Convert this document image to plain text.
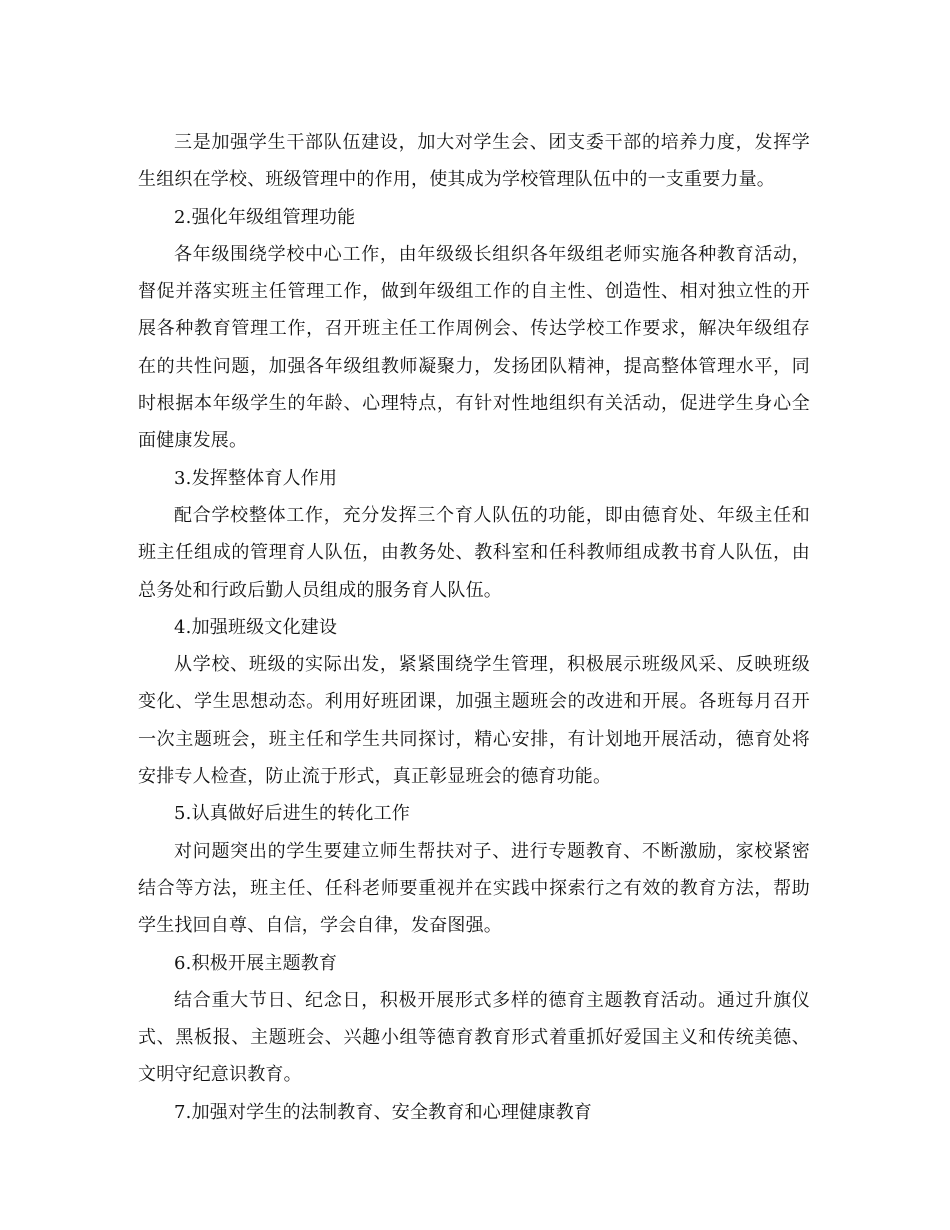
三是加强学生干部队伍建设，加大对学生会、团支委干部的培养力度，发挥学生组织在学校、班级管理中的作用，使其成为学校管理队伍中的一支重要力量。

2.强化年级组管理功能

各年级围绕学校中心工作，由年级级长组织各年级组老师实施各种教育活动，督促并落实班主任管理工作，做到年级组工作的自主性、创造性、相对独立性的开展各种教育管理工作，召开班主任工作周例会、传达学校工作要求，解决年级组存在的共性问题，加强各年级组教师凝聚力，发扬团队精神，提高整体管理水平，同时根据本年级学生的年龄、心理特点，有针对性地组织有关活动，促进学生身心全面健康发展。

3.发挥整体育人作用

配合学校整体工作，充分发挥三个育人队伍的功能，即由德育处、年级主任和班主任组成的管理育人队伍，由教务处、教科室和任科教师组成教书育人队伍，由总务处和行政后勤人员组成的服务育人队伍。

4.加强班级文化建设

从学校、班级的实际出发，紧紧围绕学生管理，积极展示班级风采、反映班级变化、学生思想动态。利用好班团课，加强主题班会的改进和开展。各班每月召开一次主题班会，班主任和学生共同探讨，精心安排，有计划地开展活动，德育处将安排专人检查，防止流于形式，真正彰显班会的德育功能。

5.认真做好后进生的转化工作

对问题突出的学生要建立师生帮扶对子、进行专题教育、不断激励，家校紧密结合等方法，班主任、任科老师要重视并在实践中探索行之有效的教育方法，帮助学生找回自尊、自信，学会自律，发奋图强。

6.积极开展主题教育

结合重大节日、纪念日，积极开展形式多样的德育主题教育活动。通过升旗仪式、黑板报、主题班会、兴趣小组等德育教育形式着重抓好爱国主义和传统美德、文明守纪意识教育。

7.加强对学生的法制教育、安全教育和心理健康教育
